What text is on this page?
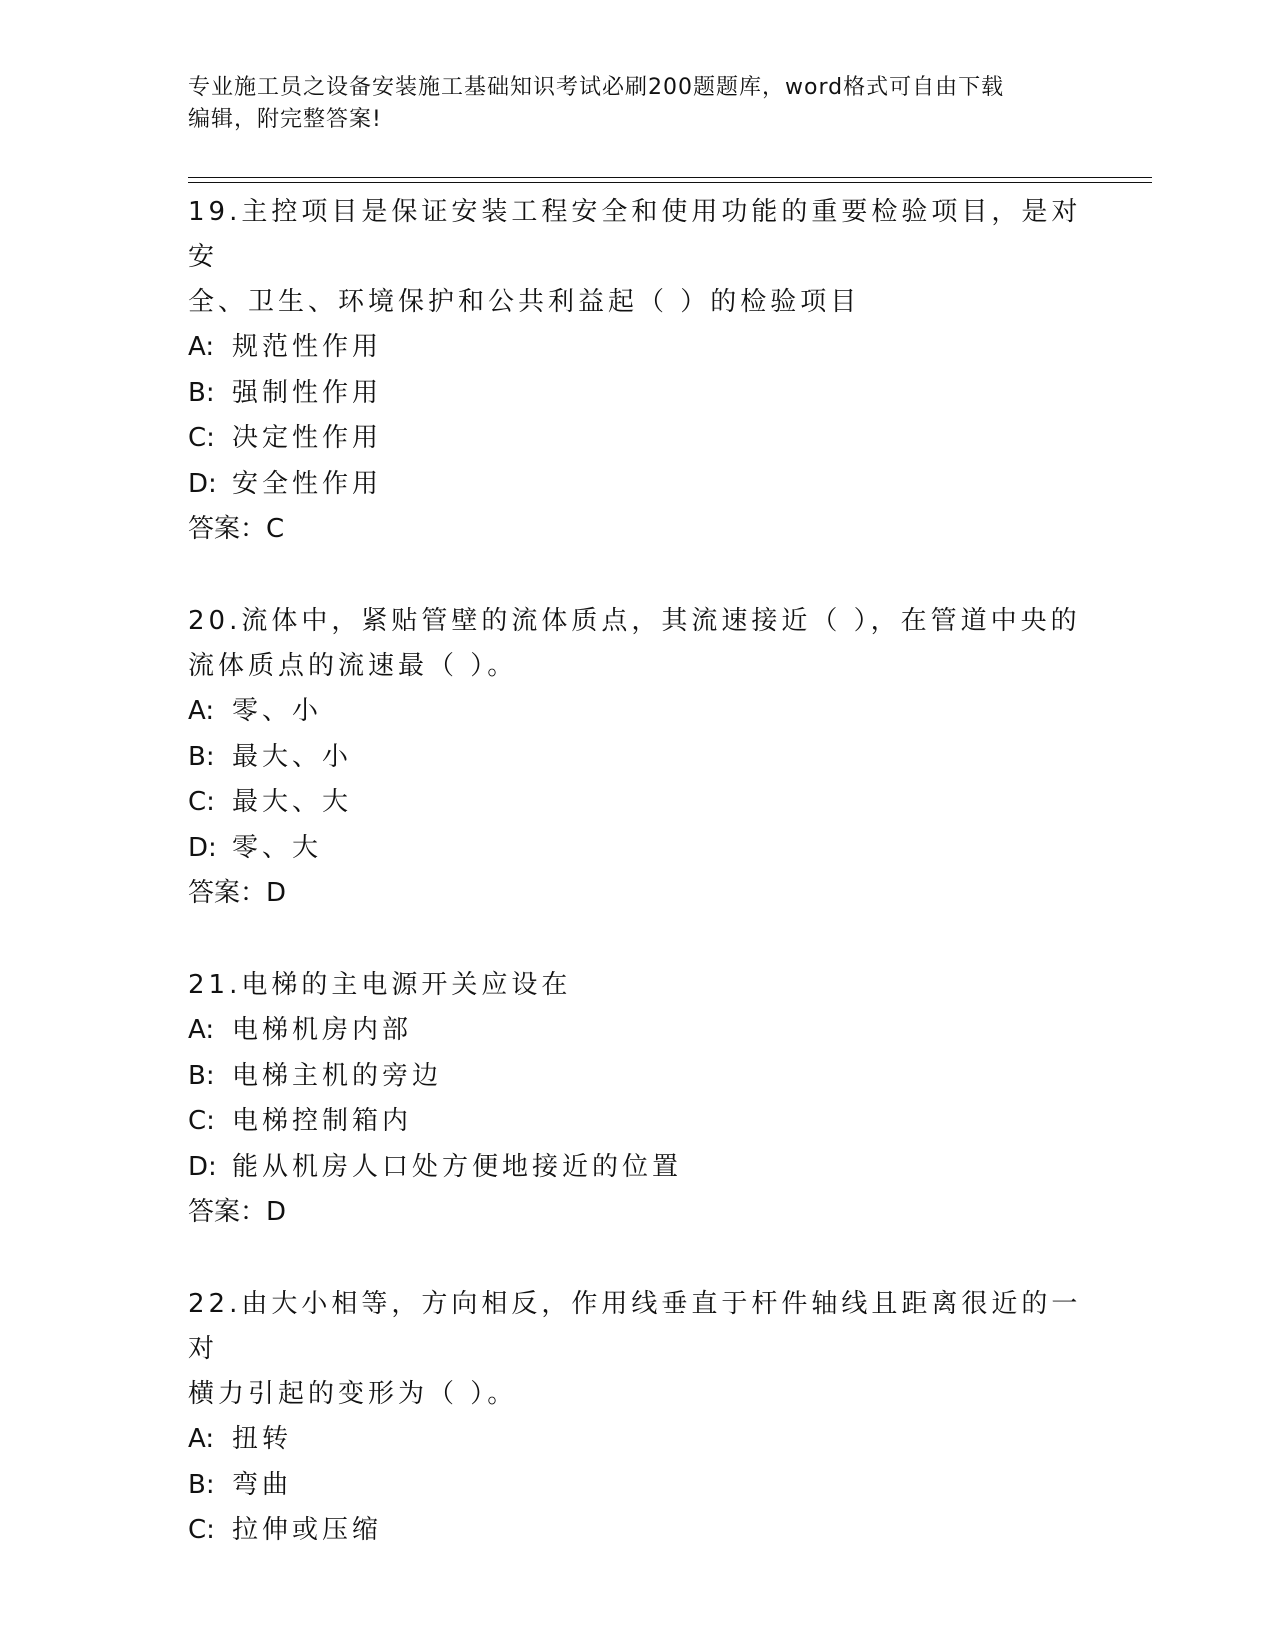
专业施工员之设备安装施工基础知识考试必刷200题题库，word格式可自由下载
编辑，附完整答案!
19.主控项目是保证安装工程安全和使用功能的重要检验项目，是对安
全、卫生、环境保护和公共利益起（ ）的检验项目
A: 规范性作用
B: 强制性作用
C: 决定性作用
D: 安全性作用
答案：C
20.流体中，紧贴管壁的流体质点，其流速接近（ ），在管道中央的
流体质点的流速最（ ）。
A: 零、小
B: 最大、小
C: 最大、大
D: 零、大
答案：D
21.电梯的主电源开关应设在
A: 电梯机房内部
B: 电梯主机的旁边
C: 电梯控制箱内
D: 能从机房人口处方便地接近的位置
答案：D
22.由大小相等，方向相反，作用线垂直于杆件轴线且距离很近的一对
横力引起的变形为（ ）。
A: 扭转
B: 弯曲
C: 拉伸或压缩
